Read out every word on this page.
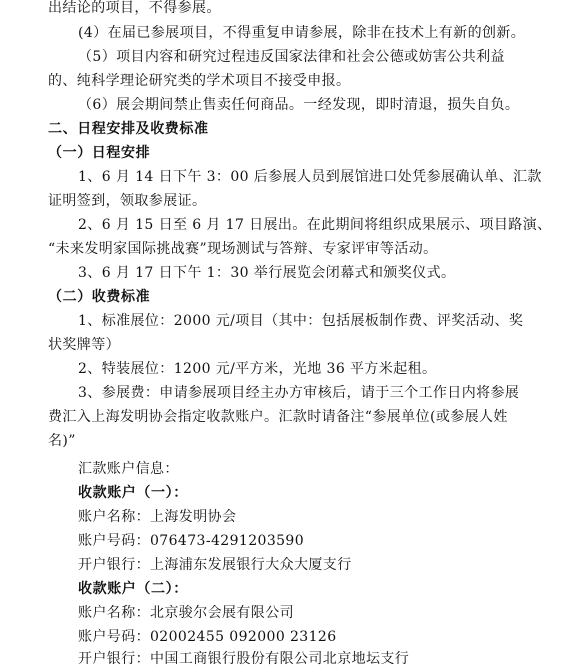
出结论的项目，不得参展。
(4）在届已参展项目，不得重复申请参展，除非在技术上有新的创新。
（5）项目内容和研究过程违反国家法律和社会公德或妨害公共利益
的、纯科学理论研究类的学术项目不接受申报。
（6）展会期间禁止售卖任何商品。一经发现，即时清退，损失自负。
二、日程安排及收费标准
（一）日程安排
1、6 月 14 日下午 3：00 后参展人员到展馆进口处凭参展确认单、汇款
证明签到，领取参展证。
2、6 月 15 日至 6 月 17 日展出。在此期间将组织成果展示、项目路演、
“未来发明家国际挑战赛”现场测试与答辩、专家评审等活动。
3、6 月 17 日下午 1：30 举行展览会闭幕式和颁奖仪式。
（二）收费标准
1、标准展位：2000 元/项目（其中：包括展板制作费、评奖活动、奖
状奖牌等）
2、特装展位：1200 元/平方米，光地 36 平方米起租。
3、参展费：申请参展项目经主办方审核后，请于三个工作日内将参展
费汇入上海发明协会指定收款账户。汇款时请备注“参展单位(或参展人姓
名)”
汇款账户信息：
收款账户（一）：
账户名称：上海发明协会
账户号码：076473-4291203590
开户银行：上海浦东发展银行大众大厦支行
收款账户（二）：
账户名称：北京骏尔会展有限公司
账户号码：02002455 092000 23126
开户银行：中国工商银行股份有限公司北京地坛支行
